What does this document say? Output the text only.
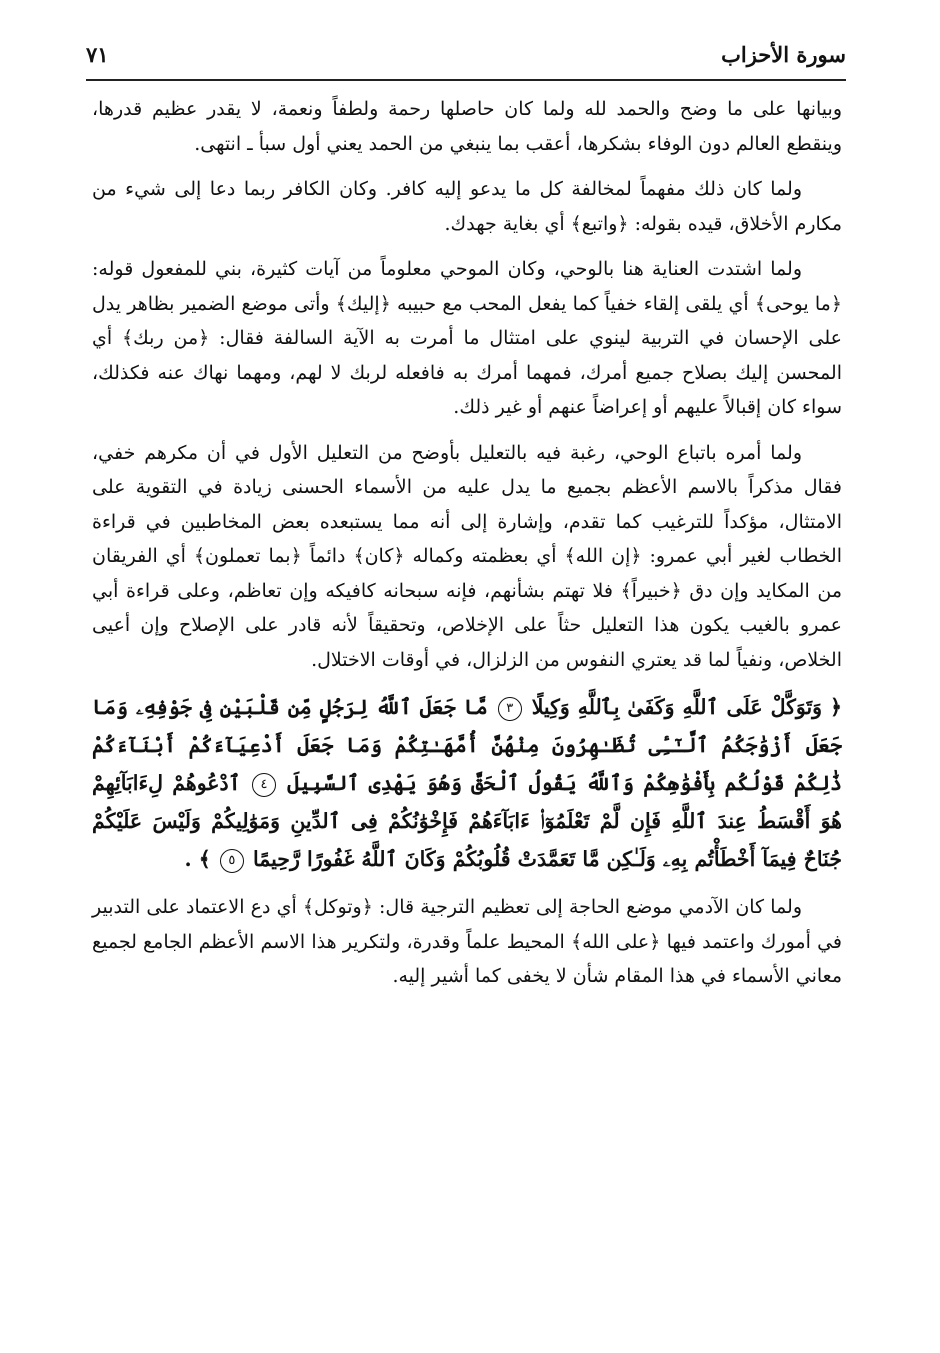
سورة الأحزاب
٧١

وبيانها على ما وضح والحمد لله ولما كان حاصلها رحمة ولطفاً ونعمة، لا يقدر عظيم قدرها، وينقطع العالم دون الوفاء بشكرها، أعقب بما ينبغي من الحمد يعني أول سبأ ـ انتهى.

ولما كان ذلك مفهماً لمخالفة كل ما يدعو إليه كافر. وكان الكافر ربما دعا إلى شيء من مكارم الأخلاق، قيده بقوله: ﴿واتبع﴾ أي بغاية جهدك.

ولما اشتدت العناية هنا بالوحي، وكان الموحي معلوماً من آيات كثيرة، بني للمفعول قوله: ﴿ما يوحى﴾ أي يلقى إلقاء خفياً كما يفعل المحب مع حبيبه ﴿إليك﴾ وأتى موضع الضمير بظاهر يدل على الإحسان في التربية لينوي على امتثال ما أمرت به الآية السالفة فقال: ﴿من ربك﴾ أي المحسن إليك بصلاح جميع أمرك، فمهما أمرك به فافعله لربك لا لهم، ومهما نهاك عنه فكذلك، سواء كان إقبالاً عليهم أو إعراضاً عنهم أو غير ذلك.

ولما أمره باتباع الوحي، رغبة فيه بالتعليل بأوضح من التعليل الأول في أن مكرهم خفي، فقال مذكراً بالاسم الأعظم بجميع ما يدل عليه من الأسماء الحسنى زيادة في التقوية على الامتثال، مؤكداً للترغيب كما تقدم، وإشارة إلى أنه مما يستبعده بعض المخاطبين في قراءة الخطاب لغير أبي عمرو: ﴿إن الله﴾ أي بعظمته وكماله ﴿كان﴾ دائماً ﴿بما تعملون﴾ أي الفريقان من المكايد وإن دق ﴿خبيراً﴾ فلا تهتم بشأنهم، فإنه سبحانه كافيكه وإن تعاظم، وعلى قراءة أبي عمرو بالغيب يكون هذا التعليل حثاً على الإخلاص، وتحقيقاً لأنه قادر على الإصلاح وإن أعيى الخلاص، ونفياً لما قد يعتري النفوس من الزلزال، في أوقات الاختلال.

﴿ وَتَوَكَّلْ عَلَى ٱللَّهِ وَكَفَىٰ بِٱللَّهِ وَكِيلًا ٣ مَّا جَعَلَ ٱللَّهُ لِرَجُلٍ مِّن قَلْبَيْنِ فِى جَوْفِهِۦ وَمَا جَعَلَ أَزْوَٰجَكُمُ ٱلَّـٰٓـِٔى تُظَـٰهِرُونَ مِنْهُنَّ أُمَّهَـٰتِكُمْ وَمَا جَعَلَ أَدْعِيَآءَكُمْ أَبْنَآءَكُمْ ذَٰلِكُمْ قَوْلُكُم بِأَفْوَٰهِكُمْ وَٱللَّهُ يَقُولُ ٱلْحَقَّ وَهُوَ يَهْدِى ٱلسَّبِيلَ ٤ ٱدْعُوهُمْ لِءَابَآئِهِمْ هُوَ أَقْسَطُ عِندَ ٱللَّهِ فَإِن لَّمْ تَعْلَمُوٓا۟ ءَابَآءَهُمْ فَإِخْوَٰنُكُمْ فِى ٱلدِّينِ وَمَوَٰلِيكُمْ وَلَيْسَ عَلَيْكُمْ جُنَاحٌ فِيمَآ أَخْطَأْتُم بِهِۦ وَلَـٰكِن مَّا تَعَمَّدَتْ قُلُوبُكُمْ وَكَانَ ٱللَّهُ غَفُورًا رَّحِيمًا ٥ ﴾ .

ولما كان الآدمي موضع الحاجة إلى تعظيم الترجية قال: ﴿وتوكل﴾ أي دع الاعتماد على التدبير في أمورك واعتمد فيها ﴿على الله﴾ المحيط علماً وقدرة، ولتكرير هذا الاسم الأعظم الجامع لجميع معاني الأسماء في هذا المقام شأن لا يخفى كما أشير إليه.
